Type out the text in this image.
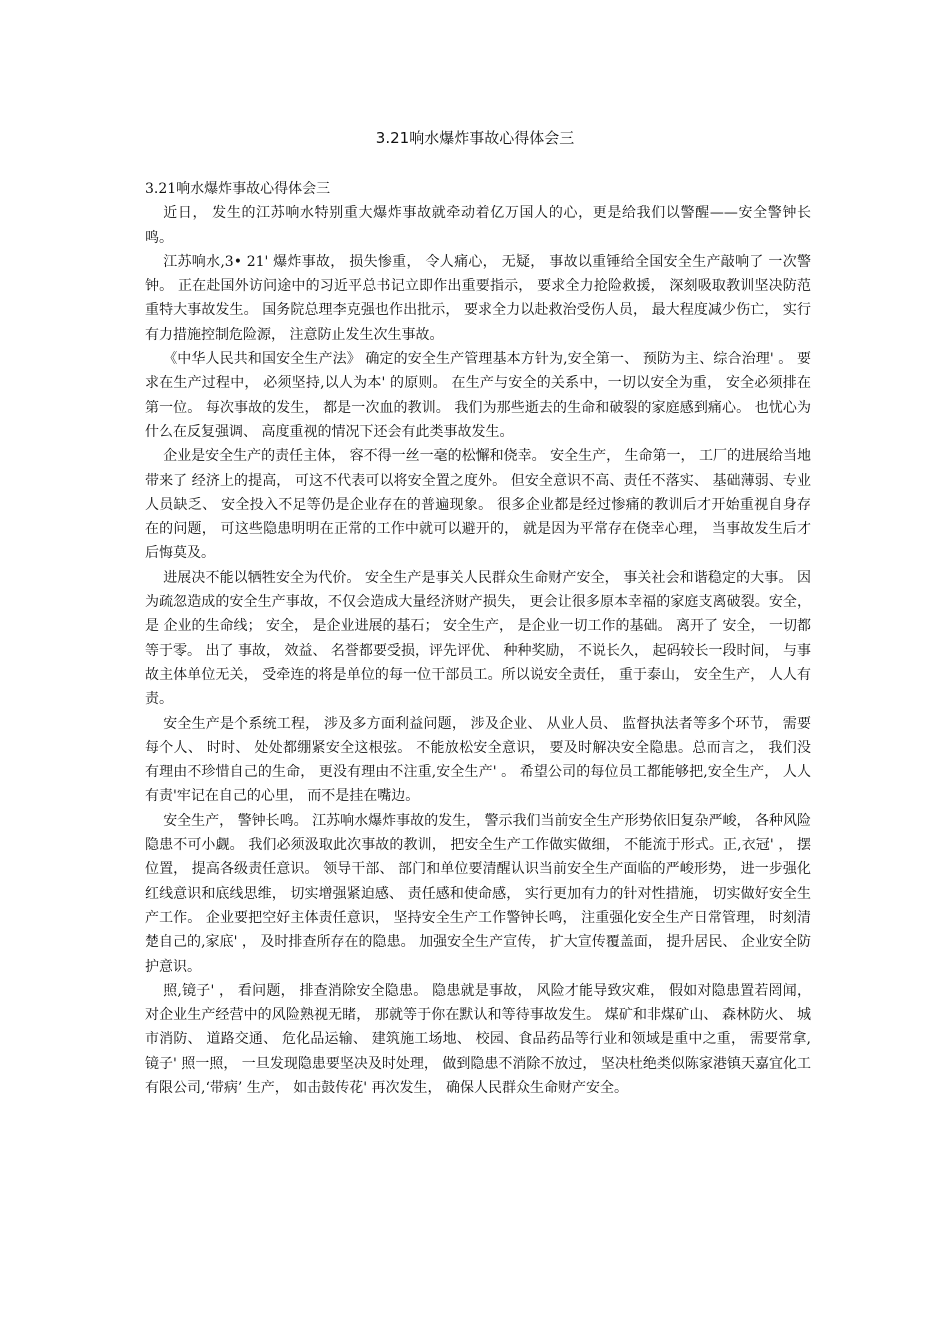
3.21响水爆炸事故心得体会三

3.21响水爆炸事故心得体会三

近日， 发生的江苏响水特别重大爆炸事故就牵动着亿万国人的心，更是给我们以警醒——安全警钟长鸣。

江苏响水,3• 21' 爆炸事故， 损失惨重， 令人痛心， 无疑， 事故以重锤给全国安全生产敲响了 一次警钟。 正在赴国外访问途中的习近平总书记立即作出重要指示， 要求全力抢险救援， 深刻吸取教训坚决防范重特大事故发生。 国务院总理李克强也作出批示， 要求全力以赴救治受伤人员， 最大程度减少伤亡， 实行有力措施控制危险源， 注意防止发生次生事故。

《中华人民共和国安全生产法》 确定的安全生产管理基本方针为,安全第一、 预防为主、综合治理' 。 要求在生产过程中， 必须坚持,以人为本' 的原则。 在生产与安全的关系中，一切以安全为重， 安全必须排在第一位。 每次事故的发生， 都是一次血的教训。 我们为那些逝去的生命和破裂的家庭感到痛心。 也忧心为什么在反复强调、 高度重视的情况下还会有此类事故发生。

企业是安全生产的责任主体， 容不得一丝一毫的松懈和侥幸。 安全生产， 生命第一， 工厂的进展给当地带来了 经济上的提高， 可这不代表可以将安全置之度外。 但安全意识不高、责任不落实、 基础薄弱、专业人员缺乏、 安全投入不足等仍是企业存在的普遍现象。 很多企业都是经过惨痛的教训后才开始重视自身存在的问题， 可这些隐患明明在正常的工作中就可以避开的， 就是因为平常存在侥幸心理， 当事故发生后才后悔莫及。

进展决不能以牺牲安全为代价。 安全生产是事关人民群众生命财产安全， 事关社会和谐稳定的大事。 因为疏忽造成的安全生产事故，不仅会造成大量经济财产损失， 更会让很多原本幸福的家庭支离破裂。安全， 是 企业的生命线； 安全， 是企业进展的基石； 安全生产， 是企业一切工作的基础。 离开了 安全， 一切都等于零。 出了 事故， 效益、 名誉都要受损，评先评优、 种种奖励， 不说长久， 起码较长一段时间， 与事故主体单位无关， 受牵连的将是单位的每一位干部员工。所以说安全责任， 重于泰山， 安全生产， 人人有责。

安全生产是个系统工程， 涉及多方面利益问题， 涉及企业、 从业人员、 监督执法者等多个环节， 需要每个人、 时时、 处处都绷紧安全这根弦。 不能放松安全意识， 要及时解决安全隐患。总而言之， 我们没有理由不珍惜自己的生命， 更没有理由不注重,安全生产' 。 希望公司的每位员工都能够把,安全生产， 人人有责'牢记在自己的心里， 而不是挂在嘴边。

安全生产， 警钟长鸣。 江苏响水爆炸事故的发生， 警示我们当前安全生产形势依旧复杂严峻， 各种风险隐患不可小觑。 我们必须汲取此次事故的教训， 把安全生产工作做实做细， 不能流于形式。正,衣冠' ， 摆位置， 提高各级责任意识。 领导干部、 部门和单位要清醒认识当前安全生产面临的严峻形势， 进一步强化红线意识和底线思维， 切实增强紧迫感、 责任感和使命感， 实行更加有力的针对性措施， 切实做好安全生产工作。 企业要把空好主体责任意识， 坚持安全生产工作警钟长鸣， 注重强化安全生产日常管理， 时刻清楚自己的,家底' ， 及时排查所存在的隐患。 加强安全生产宣传， 扩大宣传覆盖面， 提升居民、 企业安全防护意识。

照,镜子' ， 看问题， 排查消除安全隐患。 隐患就是事故， 风险才能导致灾难， 假如对隐患置若罔闻， 对企业生产经营中的风险熟视无睹， 那就等于你在默认和等待事故发生。 煤矿和非煤矿山、 森林防火、 城市消防、 道路交通、 危化品运输、 建筑施工场地、 校园、食品药品等行业和领域是重中之重， 需要常拿,镜子' 照一照， 一旦发现隐患要坚决及时处理， 做到隐患不消除不放过， 坚决杜绝类似陈家港镇天嘉宜化工有限公司,‘带病’ 生产， 如击鼓传花' 再次发生， 确保人民群众生命财产安全。
